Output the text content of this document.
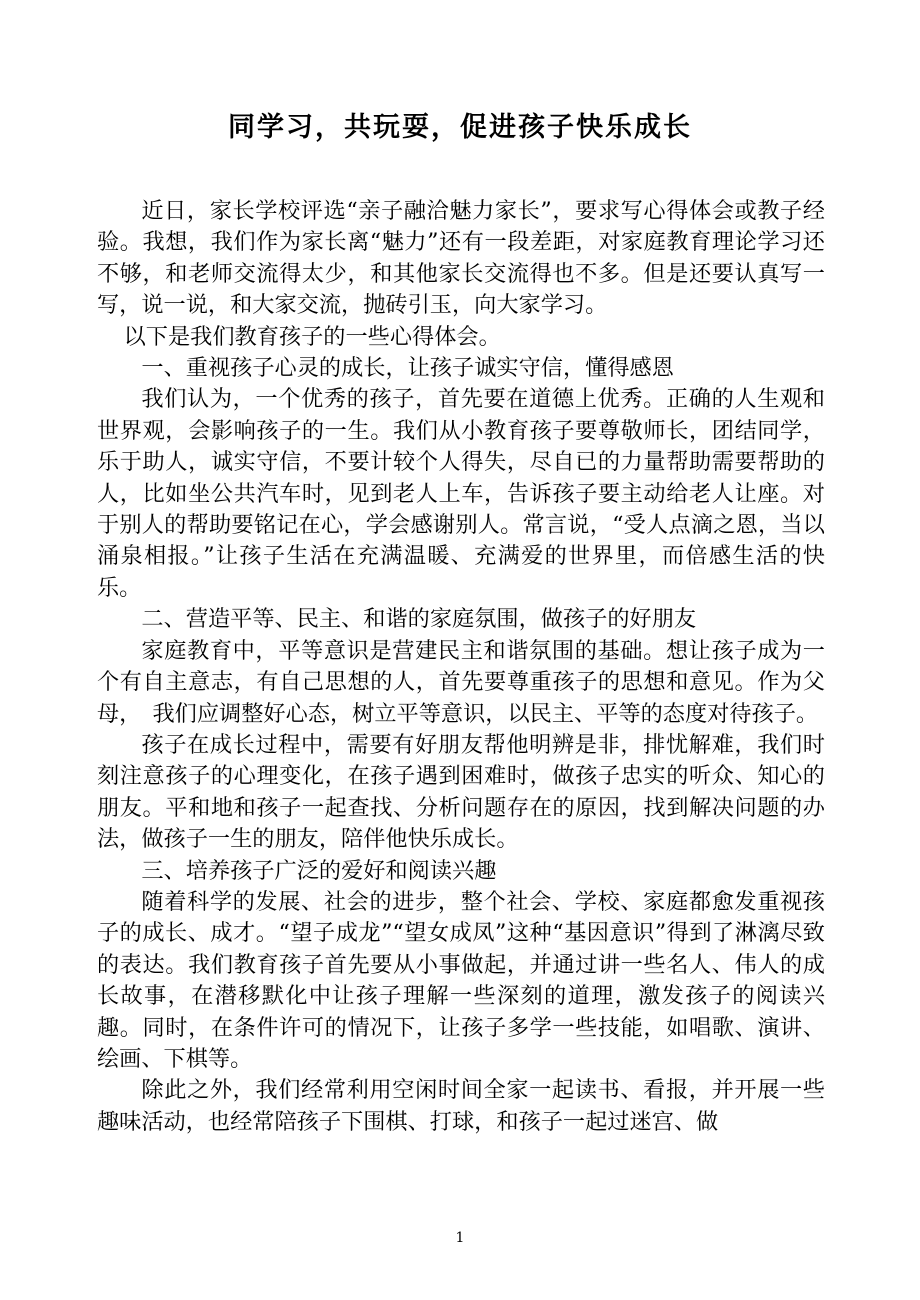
同学习，共玩耍，促进孩子快乐成长

近日，家长学校评选“亲子融洽魅力家长”，要求写心得体会或教子经验。我想，我们作为家长离“魅力”还有一段差距，对家庭教育理论学习还不够，和老师交流得太少，和其他家长交流得也不多。但是还要认真写一写，说一说，和大家交流，抛砖引玉，向大家学习。

以下是我们教育孩子的一些心得体会。

一、重视孩子心灵的成长，让孩子诚实守信，懂得感恩

我们认为，一个优秀的孩子，首先要在道德上优秀。正确的人生观和世界观，会影响孩子的一生。我们从小教育孩子要尊敬师长，团结同学，乐于助人，诚实守信，不要计较个人得失，尽自已的力量帮助需要帮助的人，比如坐公共汽车时，见到老人上车，告诉孩子要主动给老人让座。对于别人的帮助要铭记在心，学会感谢别人。常言说，“受人点滴之恩，当以涌泉相报。”让孩子生活在充满温暖、充满爱的世界里，而倍感生活的快乐。

二、营造平等、民主、和谐的家庭氛围，做孩子的好朋友

家庭教育中，平等意识是营建民主和谐氛围的基础。想让孩子成为一个有自主意志，有自己思想的人，首先要尊重孩子的思想和意见。作为父母，　我们应调整好心态，树立平等意识，以民主、平等的态度对待孩子。

孩子在成长过程中，需要有好朋友帮他明辨是非，排忧解难，我们时刻注意孩子的心理变化，在孩子遇到困难时，做孩子忠实的听众、知心的朋友。平和地和孩子一起查找、分析问题存在的原因，找到解决问题的办法，做孩子一生的朋友，陪伴他快乐成长。

三、培养孩子广泛的爱好和阅读兴趣

随着科学的发展、社会的进步，整个社会、学校、家庭都愈发重视孩子的成长、成才。“望子成龙”“望女成凤”这种“基因意识”得到了淋漓尽致的表达。我们教育孩子首先要从小事做起，并通过讲一些名人、伟人的成长故事，在潜移默化中让孩子理解一些深刻的道理，激发孩子的阅读兴趣。同时，在条件许可的情况下，让孩子多学一些技能，如唱歌、演讲、绘画、下棋等。

除此之外，我们经常利用空闲时间全家一起读书、看报，并开展一些趣味活动，也经常陪孩子下围棋、打球，和孩子一起过迷宫、做

1
